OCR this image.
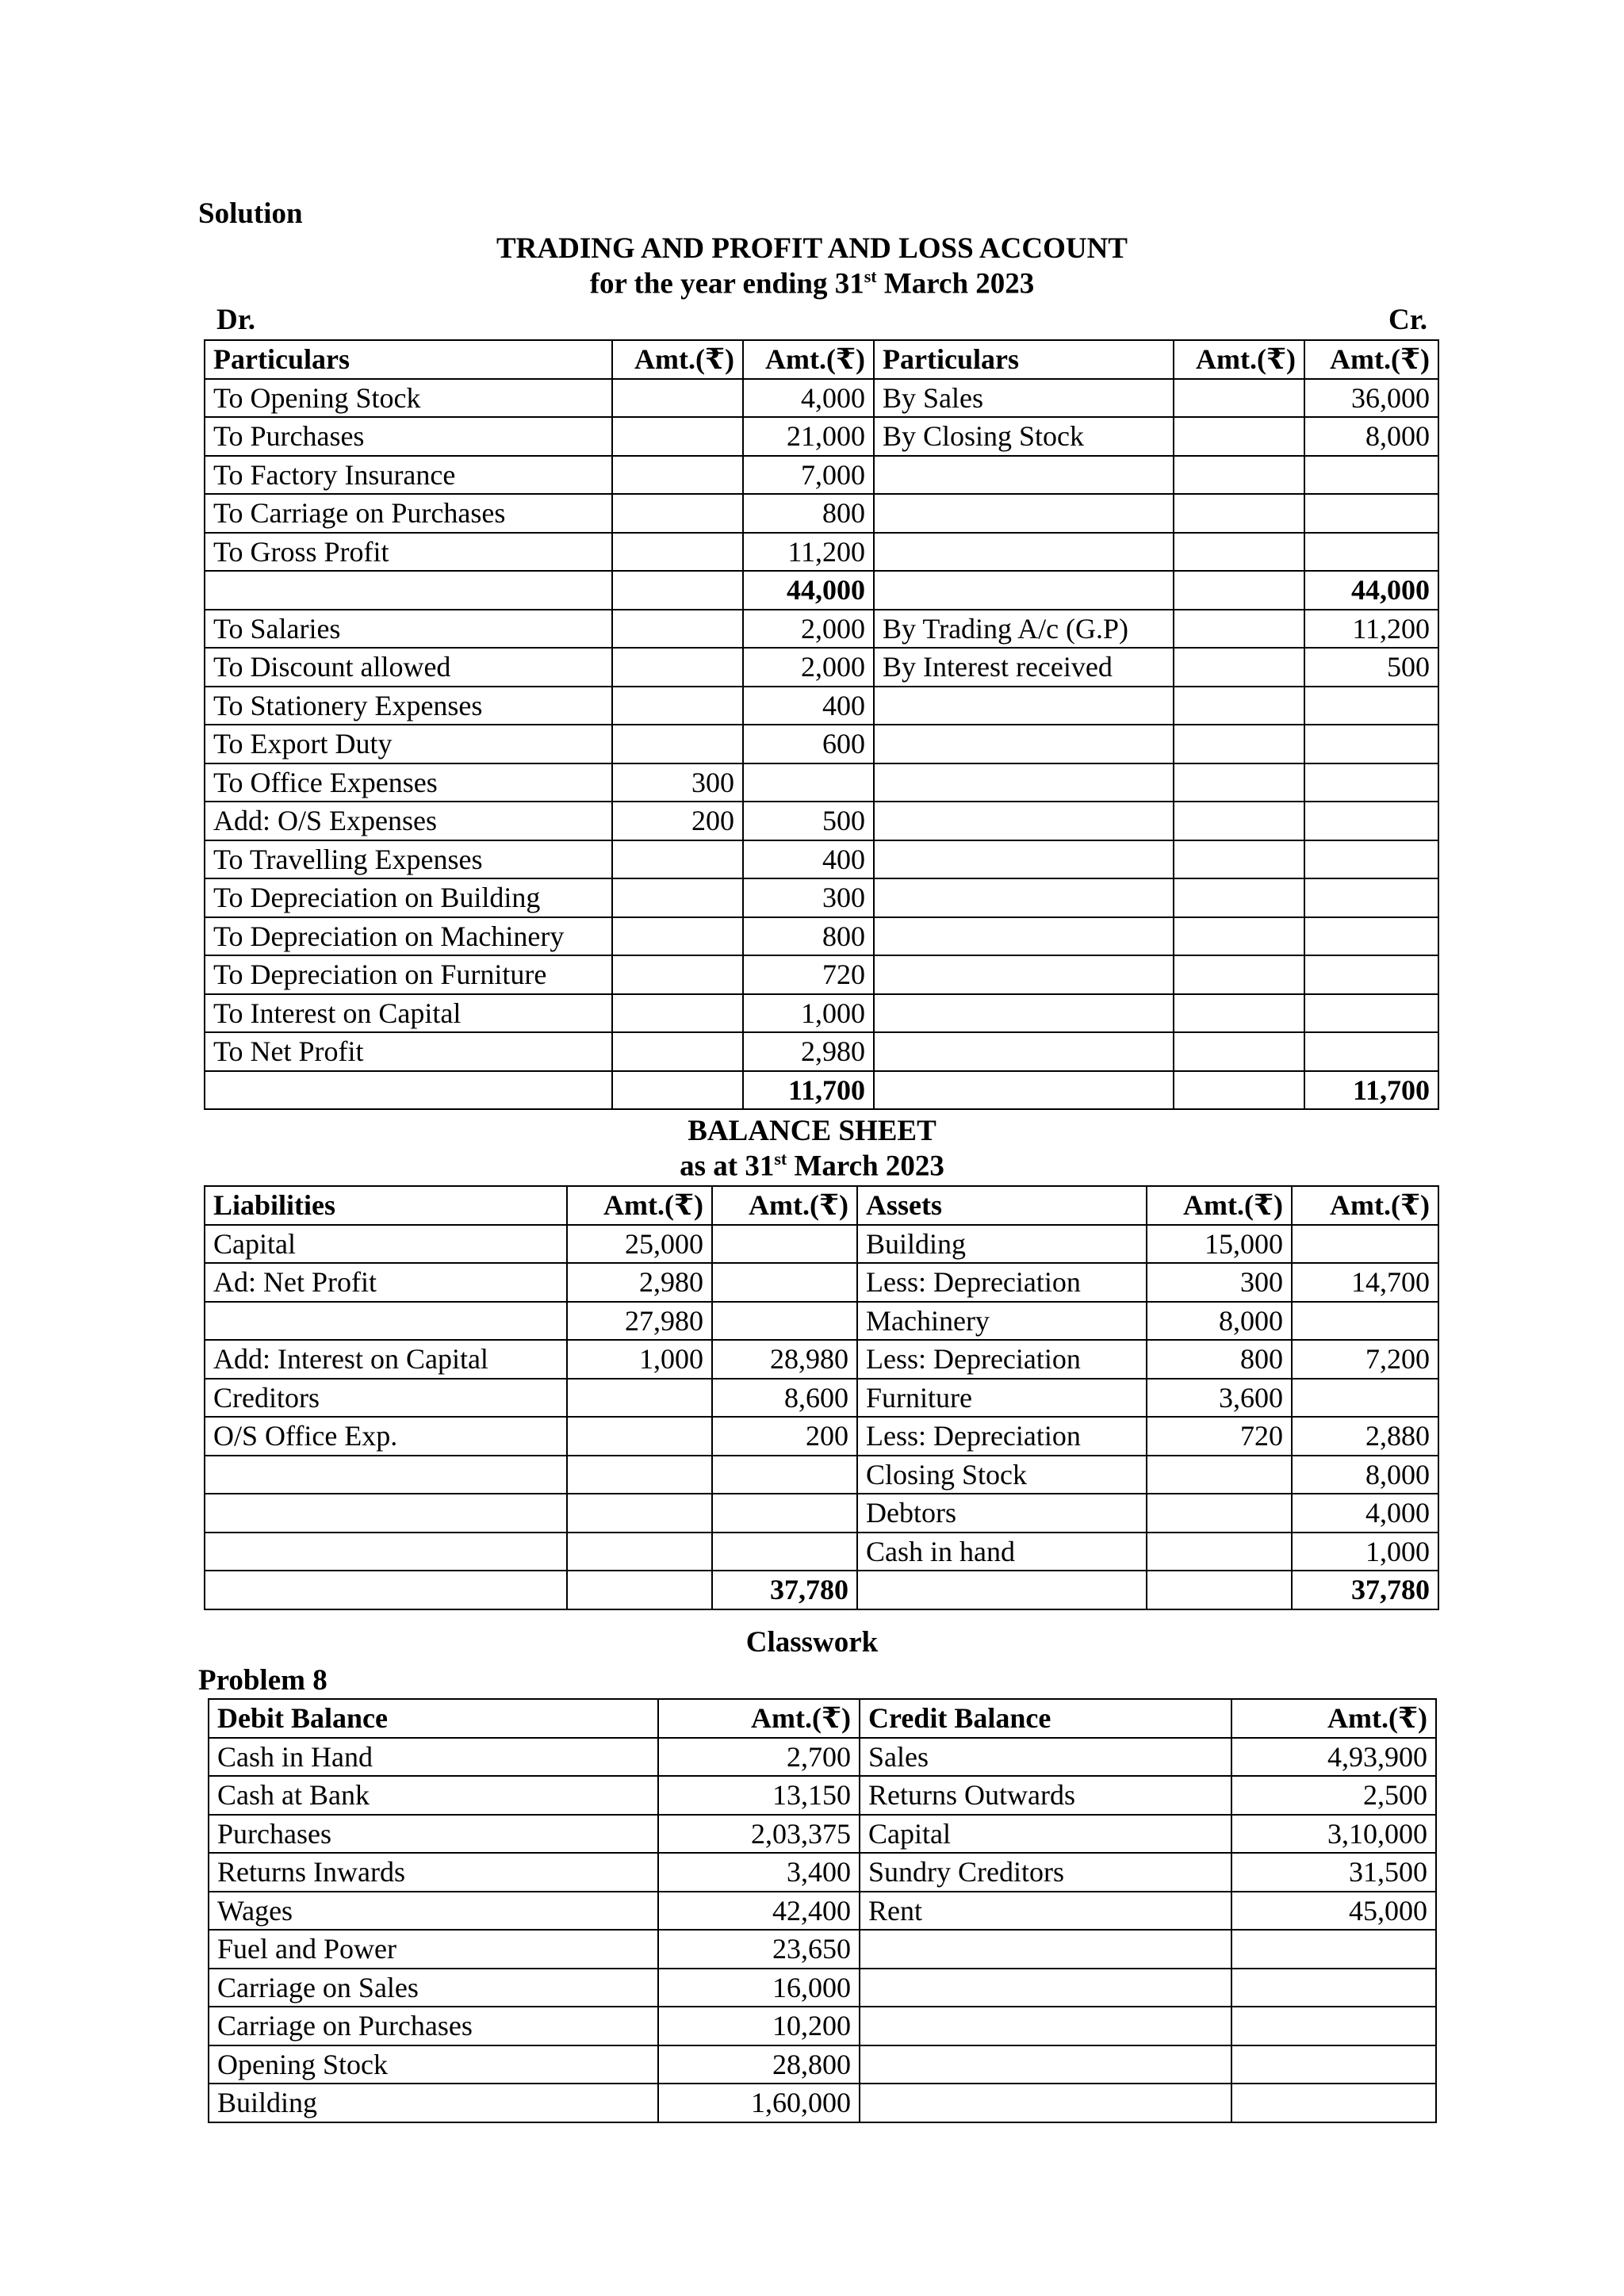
Solution
TRADING AND PROFIT AND LOSS ACCOUNT
for the year ending 31st March 2023
Dr.	Cr.
Particulars	Amt.(₹)	Amt.(₹)	Particulars	Amt.(₹)	Amt.(₹)
To Opening Stock		4,000	By Sales		36,000
To Purchases		21,000	By Closing Stock		8,000
To Factory Insurance		7,000			
To Carriage on Purchases		800			
To Gross Profit		11,200			
		44,000			44,000
To Salaries		2,000	By Trading A/c (G.P)		11,200
To Discount allowed		2,000	By Interest received		500
To Stationery Expenses		400			
To Export Duty		600			
To Office Expenses	300				
Add: O/S Expenses	200	500			
To Travelling Expenses		400			
To Depreciation on Building		300			
To Depreciation on Machinery		800			
To Depreciation on Furniture		720			
To Interest on Capital		1,000			
To Net Profit		2,980			
		11,700			11,700
BALANCE SHEET
as at 31st March 2023
Liabilities	Amt.(₹)	Amt.(₹)	Assets	Amt.(₹)	Amt.(₹)
Capital	25,000		Building	15,000	
Ad: Net Profit	2,980		Less: Depreciation	300	14,700
	27,980		Machinery	8,000	
Add: Interest on Capital	1,000	28,980	Less: Depreciation	800	7,200
Creditors		8,600	Furniture	3,600	
O/S Office Exp.		200	Less: Depreciation	720	2,880
			Closing Stock		8,000
			Debtors		4,000
			Cash in hand		1,000
		37,780			37,780
Classwork
Problem 8
Debit Balance	Amt.(₹)	Credit Balance	Amt.(₹)
Cash in Hand	2,700	Sales	4,93,900
Cash at Bank	13,150	Returns Outwards	2,500
Purchases	2,03,375	Capital	3,10,000
Returns Inwards	3,400	Sundry Creditors	31,500
Wages	42,400	Rent	45,000
Fuel and Power	23,650		
Carriage on Sales	16,000		
Carriage on Purchases	10,200		
Opening Stock	28,800		
Building	1,60,000		
